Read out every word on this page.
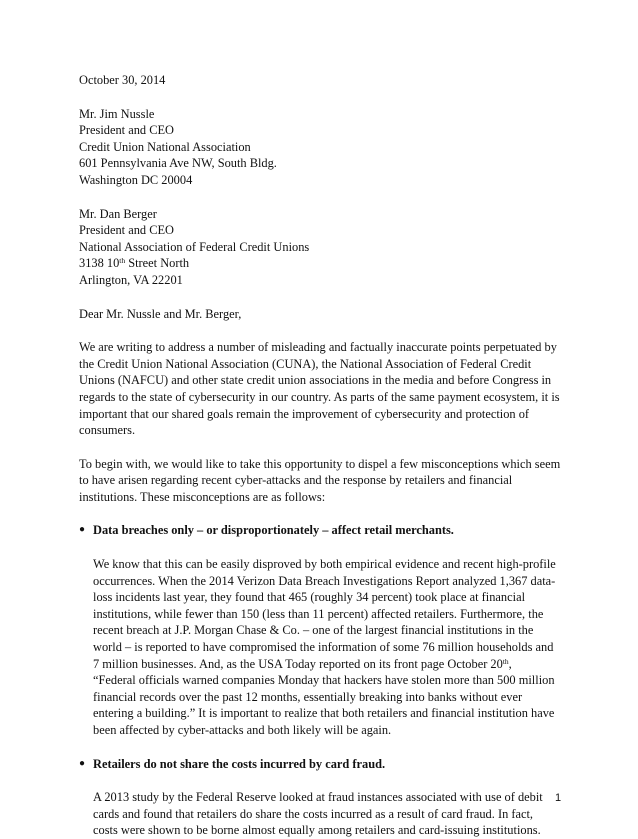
October 30, 2014

Mr. Jim Nussle
President and CEO
Credit Union National Association
601 Pennsylvania Ave NW, South Bldg.
Washington DC 20004
Mr. Dan Berger
President and CEO
National Association of Federal Credit Unions
3138 10th Street North
Arlington, VA 22201

Dear Mr. Nussle and Mr. Berger,

We are writing to address a number of misleading and factually inaccurate points perpetuated by
the Credit Union National Association (CUNA), the National Association of Federal Credit
Unions (NAFCU) and other state credit union associations in the media and before Congress in
regards to the state of cybersecurity in our country. As parts of the same payment ecosystem, it is
important that our shared goals remain the improvement of cybersecurity and protection of
consumers.
To begin with, we would like to take this opportunity to dispel a few misconceptions which seem
to have arisen regarding recent cyber-attacks and the response by retailers and financial
institutions. These misconceptions are as follows:
● Data breaches only – or disproportionately – affect retail merchants.
We know that this can be easily disproved by both empirical evidence and recent high-profile
occurrences. When the 2014 Verizon Data Breach Investigations Report analyzed 1,367 data-
loss incidents last year, they found that 465 (roughly 34 percent) took place at financial
institutions, while fewer than 150 (less than 11 percent) affected retailers. Furthermore, the
recent breach at J.P. Morgan Chase & Co. – one of the largest financial institutions in the
world – is reported to have compromised the information of some 76 million households and
7 million businesses. And, as the USA Today reported on its front page October 20th,
“Federal officials warned companies Monday that hackers have stolen more than 500 million
financial records over the past 12 months, essentially breaking into banks without ever
entering a building.” It is important to realize that both retailers and financial institution have
been affected by cyber-attacks and both likely will be again.
● Retailers do not share the costs incurred by card fraud.
A 2013 study by the Federal Reserve looked at fraud instances associated with use of debit
cards and found that retailers do share the costs incurred as a result of card fraud. In fact,
costs were shown to be borne almost equally among retailers and card-issuing institutions.
1
